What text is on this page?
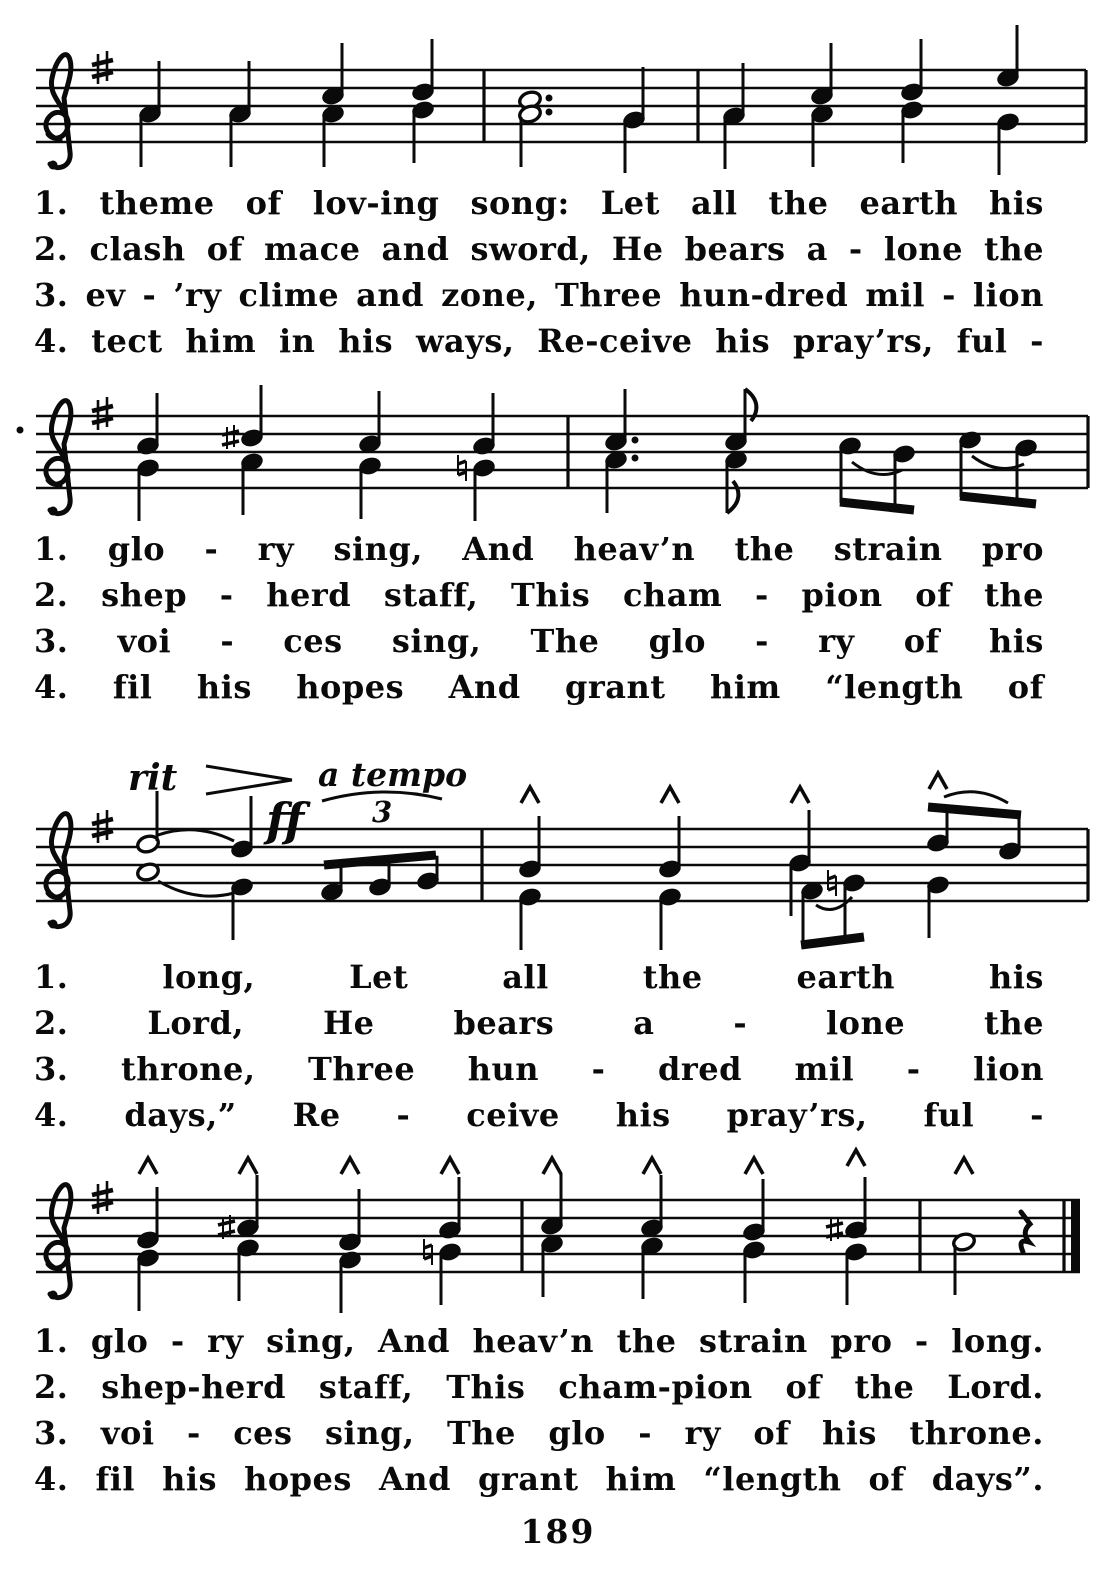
1. theme of lov-ing song: Let all the earth his
2. clash of mace and sword, He bears a - lone the
3. ev - ’ry clime and zone, Three hun-dred mil - lion
4. tect him in his ways, Re-ceive his pray’rs, ful -
1. glo - ry sing, And heav’n the strain pro
2. shep - herd staff, This cham - pion of the
3. voi - ces sing, The glo - ry of his
4. fil his hopes And grant him “length of
rit	a tempo
ff 3
1.	long,	Let	all	the	earth	his
2. Lord, He bears a - lone the
3. throne, Three hun - dred mil - lion
4. days,” Re - ceive his pray’rs, ful -
1. glo - ry sing, And heav’n the strain pro - long.
2. shep-herd staff, This cham-pion of the Lord.
3. voi - ces sing, The glo - ry of his throne.
4. fil his hopes And grant him “length of days”.
189
